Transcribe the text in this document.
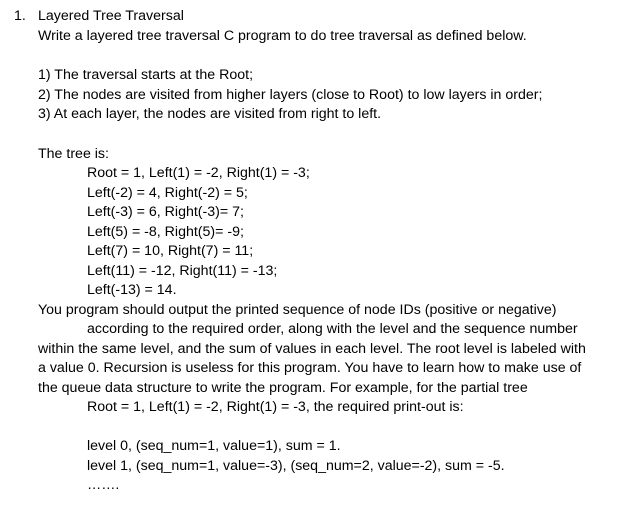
1. Layered Tree Traversal
Write a layered tree traversal C program to do tree traversal as defined below.
1) The traversal starts at the Root;
2) The nodes are visited from higher layers (close to Root) to low layers in order;
3) At each layer, the nodes are visited from right to left.
The tree is:
Root = 1, Left(1) = -2, Right(1) = -3;
Left(-2) = 4, Right(-2) = 5;
Left(-3) = 6, Right(-3)= 7;
Left(5) = -8, Right(5)= -9;
Left(7) = 10, Right(7) = 11;
Left(11) = -12, Right(11) = -13;
Left(-13) = 14.
You program should output the printed sequence of node IDs (positive or negative)
according to the required order, along with the level and the sequence number
within the same level, and the sum of values in each level. The root level is labeled with
a value 0. Recursion is useless for this program. You have to learn how to make use of
the queue data structure to write the program. For example, for the partial tree
Root = 1, Left(1) = -2, Right(1) = -3, the required print-out is:
level 0, (seq_num=1, value=1), sum = 1.
level 1, (seq_num=1, value=-3), (seq_num=2, value=-2), sum = -5.
…….
